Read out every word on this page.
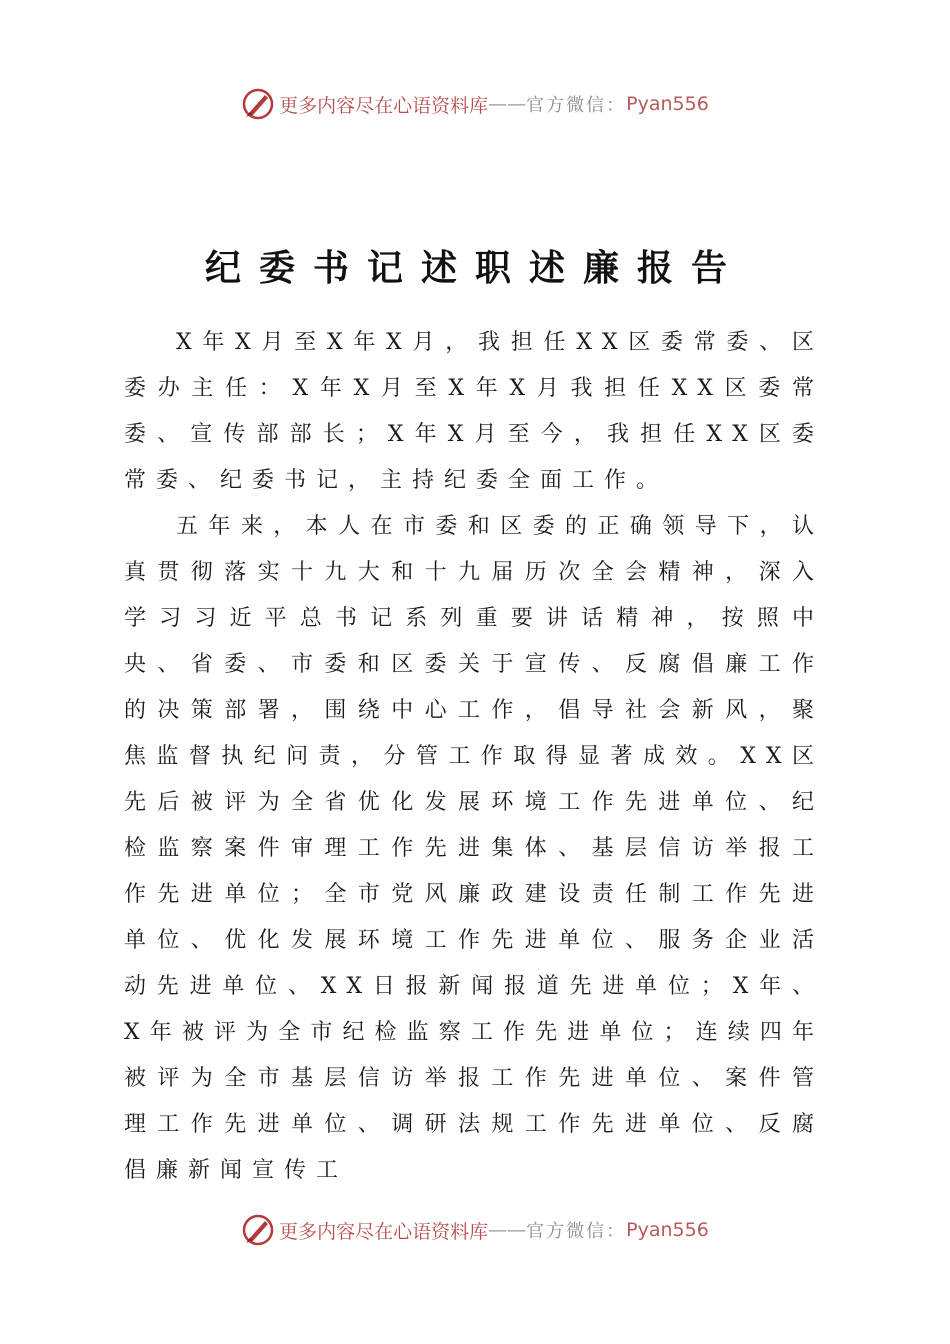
更多内容尽在心语资料库 —— 官方微信： Pyan556
纪委书记述职述廉报告

X年X月至X年X月，我担任XX区委常委、区委办主任：X年X月至X年X月我担任XX区委常委、宣传部部长；X年X月至今，我担任XX区委常委、纪委书记，主持纪委全面工作。

五年来，本人在市委和区委的正确领导下，认真贯彻落实十九大和十九届历次全会精神，深入学习习近平总书记系列重要讲话精神，按照中央、省委、市委和区委关于宣传、反腐倡廉工作的决策部署，围绕中心工作，倡导社会新风，聚焦监督执纪问责，分管工作取得显著成效。XX区先后被评为全省优化发展环境工作先进单位、纪检监察案件审理工作先进集体、基层信访举报工作先进单位；全市党风廉政建设责任制工作先进单位、优化发展环境工作先进单位、服务企业活动先进单位、XX日报新闻报道先进单位；X年、X年被评为全市纪检监察工作先进单位；连续四年被评为全市基层信访举报工作先进单位、案件管理工作先进单位、调研法规工作先进单位、反腐倡廉新闻宣传工

更多内容尽在心语资料库 —— 官方微信： Pyan556
